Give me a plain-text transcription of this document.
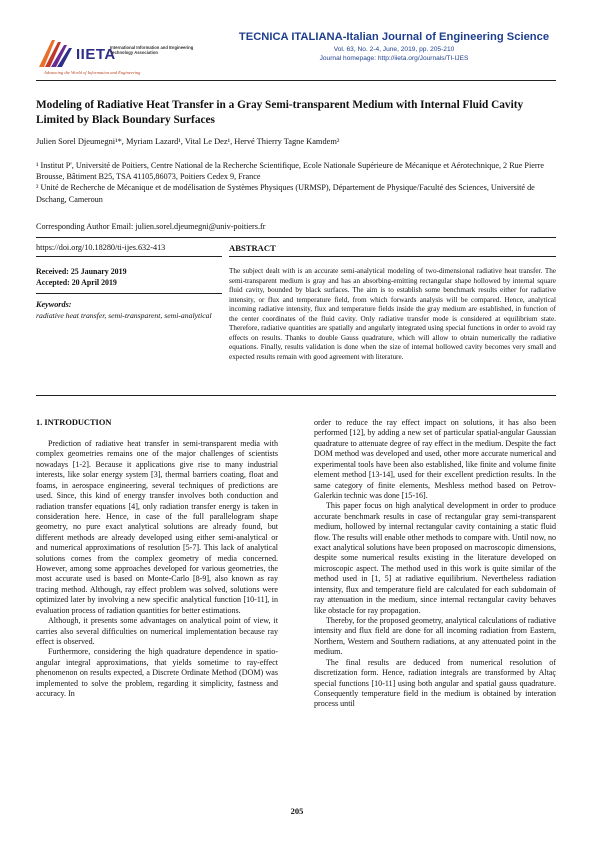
IIETA
International Information and Engineering Technology Association
Advancing the World of Information and Engineering
TECNICA ITALIANA-Italian Journal of Engineering Science
Vol. 63, No. 2-4, June, 2019, pp. 205-210
Journal homepage: http://iieta.org/Journals/TI-IJES
Modeling of Radiative Heat Transfer in a Gray Semi-transparent Medium with Internal Fluid Cavity Limited by Black Boundary Surfaces
Julien Sorel Djeumegni¹*, Myriam Lazard¹, Vital Le Dez¹, Hervé Thierry Tagne Kamdem²
¹ Institut P', Université de Poitiers, Centre National de la Recherche Scientifique, Ecole Nationale Supérieure de Mécanique et Aérotechnique, 2 Rue Pierre Brousse, Bâtiment B25, TSA 41105,86073, Poitiers Cedex 9, France
² Unité de Recherche de Mécanique et de modélisation de Systèmes Physiques (URMSP), Département de Physique/Faculté des Sciences, Université de Dschang, Cameroun
Corresponding Author Email: julien.sorel.djeumegni@univ-poitiers.fr
https://doi.org/10.18280/ti-ijes.632-413	ABSTRACT
Received: 25 Jaunary 2019
Accepted: 20 April 2019
Keywords:
radiative heat transfer, semi-transparent, semi-analytical
The subject dealt with is an accurate semi-analytical modeling of two-dimensional radiative heat transfer. The semi-transparent medium is gray and has an absorbing-emitting rectangular shape hollowed by internal square fluid cavity, bounded by black surfaces. The aim is to establish some benchmark results either for radiative intensity, or flux and temperature field, from which forwards analysis will be compared. Hence, analytical incoming radiative intensity, flux and temperature fields inside the gray medium are established, in function of the center coordinates of the fluid cavity. Only radiative transfer mode is considered at equilibrium state. Therefore, radiative quantities are spatially and angularly integrated using special functions in order to avoid ray effects on results. Thanks to double Gauss quadrature, which will allow to obtain numerically the radiative equations. Finally, results validation is done when the size of internal hollowed cavity becomes very small and expected results remain with good agreement with literature.
1. INTRODUCTION

Prediction of radiative heat transfer in semi-transparent media with complex geometries remains one of the major challenges of scientists nowadays [1-2]. Because it applications give rise to many industrial interests, like solar energy system [3], thermal barriers coating, float and foams, in aerospace engineering, several techniques of predictions are used. Since, this kind of energy transfer involves both conduction and radiation transfer equations [4], only radiation transfer energy is taken in consideration here. Hence, in case of the full parallelogram shape geometry, no pure exact analytical solutions are already found, but different methods are already developed using either semi-analytical or and numerical approximations of resolution [5-7]. This lack of analytical solutions comes from the complex geometry of media concerned. However, among some approaches developed for various geometries, the most accurate used is based on Monte-Carlo [8-9], also known as ray tracing method. Although, ray effect problem was solved, solutions were optimized later by involving a new specific analytical function [10-11], in evaluation process of radiation quantities for better estimations.

Although, it presents some advantages on analytical point of view, it carries also several difficulties on numerical implementation because ray effect is observed.

Furthermore, considering the high quadrature dependence in spatio-angular integral approximations, that yields sometime to ray-effect phenomenon on results expected, a Discrete Ordinate Method (DOM) was implemented to solve the problem, regarding it simplicity, fastness and accuracy. In

order to reduce the ray effect impact on solutions, it has also been performed [12], by adding a new set of particular spatial-angular Gaussian quadrature to attenuate degree of ray effect in the medium. Despite the fact DOM method was developed and used, other more accurate numerical and experimental tools have been also established, like finite and volume finite element method [13-14], used for their excellent prediction results. In the same category of finite elements, Meshless method based on Petrov-Galerkin technic was done [15-16].

This paper focus on high analytical development in order to produce accurate benchmark results in case of rectangular gray semi-transparent medium, hollowed by internal rectangular cavity containing a static fluid flow. The results will enable other methods to compare with. Until now, no exact analytical solutions have been proposed on macroscopic dimensions, despite some numerical results existing in the literature developed on microscopic aspect. The method used in this work is quite similar of the method used in [1, 5] at radiative equilibrium. Nevertheless radiation intensity, flux and temperature field are calculated for each subdomain of ray attenuation in the medium, since internal rectangular cavity behaves like obstacle for ray propagation.

Thereby, for the proposed geometry, analytical calculations of radiative intensity and flux field are done for all incoming radiation from Eastern, Northern, Western and Southern radiations, at any attenuated point in the medium.

The final results are deduced from numerical resolution of discretization form. Hence, radiation integrals are transformed by Altaç special functions [10-11] using both angular and spatial gauss quadrature. Consequently temperature field in the medium is obtained by interation process until

205
